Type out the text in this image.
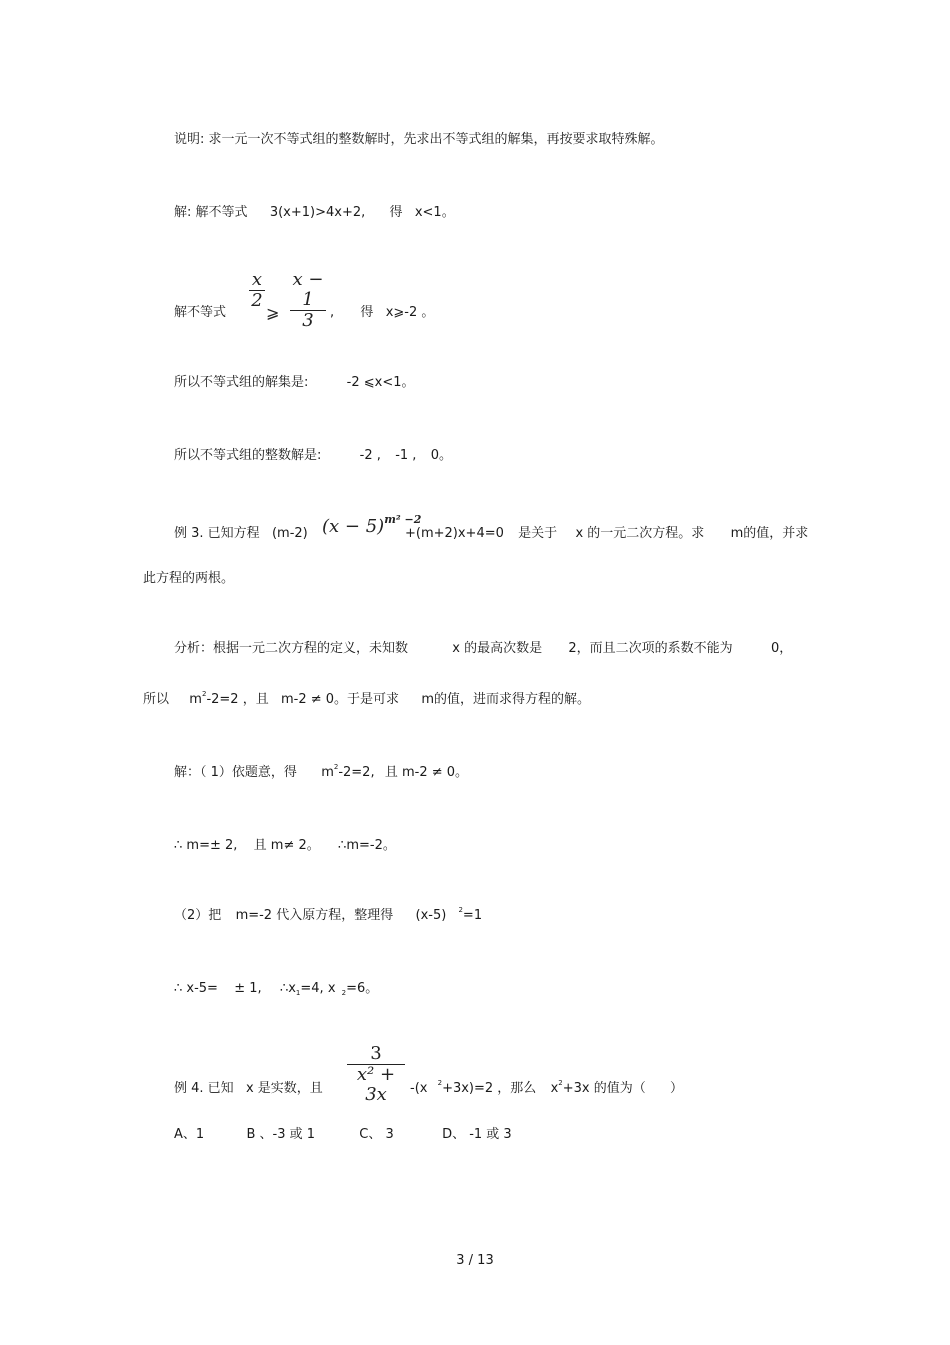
说明: 求一元一次不等式组的整数解时，先求出不等式组的解集，再按要求取特殊解。
解: 解不等式 3(x+1)>4x+2, 得 x<1。
解不等式
x
2
⩾
x − 1
3	, 得 x⩾-2 。
所以不等式组的解集是:	-2 ⩽x<1。
所以不等式组的整数解是:	-2 , -1 , 0。
例 3. 已知方程 (m-2) $(x - 5)^{m^2 -2}$
+(m+2)x+4=0 是关于 x 的一元二次方程。求 m的值，并求
此方程的两根。
分析：根据一元二次方程的定义，未知数	x 的最高次数是 2，而且二次项的系数不能为	0，
所以 $m^2-2=2$ ，且 m-2 ≠ 0。于是可求 m的值，进而求得方程的解。
解：（ 1）依题意，得 $m^2-2=2$, 且 m-2 ≠ 0。
∴ m=± 2, 且 m≠ 2。 ∴m=-2。
（2）把 m=-2 代入原方程，整理得 (x-5) $^2$=1
∴ x-5= ± 1, $\therefore x_1=4$, x $_2$=6。
3
x² + 3x
例 4. 已知 x 是实数，且	-(x $^2$+3x)=2 ，那么 $x^2+3x$ 的值为（ ）
A、1	B 、-3 或 1	C、 3	D、 -1 或 3
3 / 13
